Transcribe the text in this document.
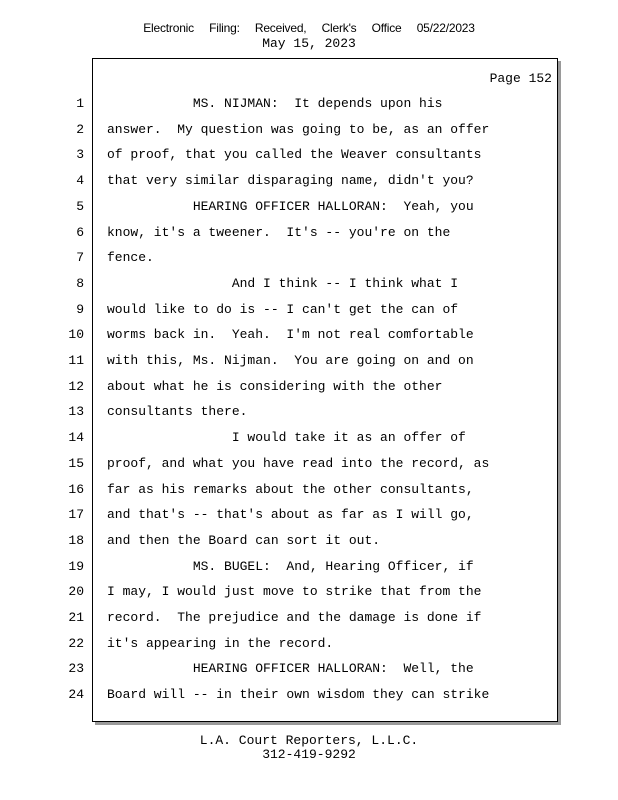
Electronic Filing: Received, Clerk's Office 05/22/2023
May 15, 2023
Page 152
1 MS. NIJMAN:  It depends upon his
2 answer.  My question was going to be, as an offer
3 of proof, that you called the Weaver consultants
4 that very similar disparaging name, didn't you?
5 HEARING OFFICER HALLORAN:  Yeah, you
6 know, it's a tweener.  It's -- you're on the
7 fence.
8 And I think -- I think what I
9 would like to do is -- I can't get the can of
10 worms back in.  Yeah.  I'm not real comfortable
11 with this, Ms. Nijman.  You are going on and on
12 about what he is considering with the other
13 consultants there.
14 I would take it as an offer of
15 proof, and what you have read into the record, as
16 far as his remarks about the other consultants,
17 and that's -- that's about as far as I will go,
18 and then the Board can sort it out.
19 MS. BUGEL:  And, Hearing Officer, if
20 I may, I would just move to strike that from the
21 record.  The prejudice and the damage is done if
22 it's appearing in the record.
23 HEARING OFFICER HALLORAN:  Well, the
24 Board will -- in their own wisdom they can strike
L.A. Court Reporters, L.L.C.
312-419-9292
